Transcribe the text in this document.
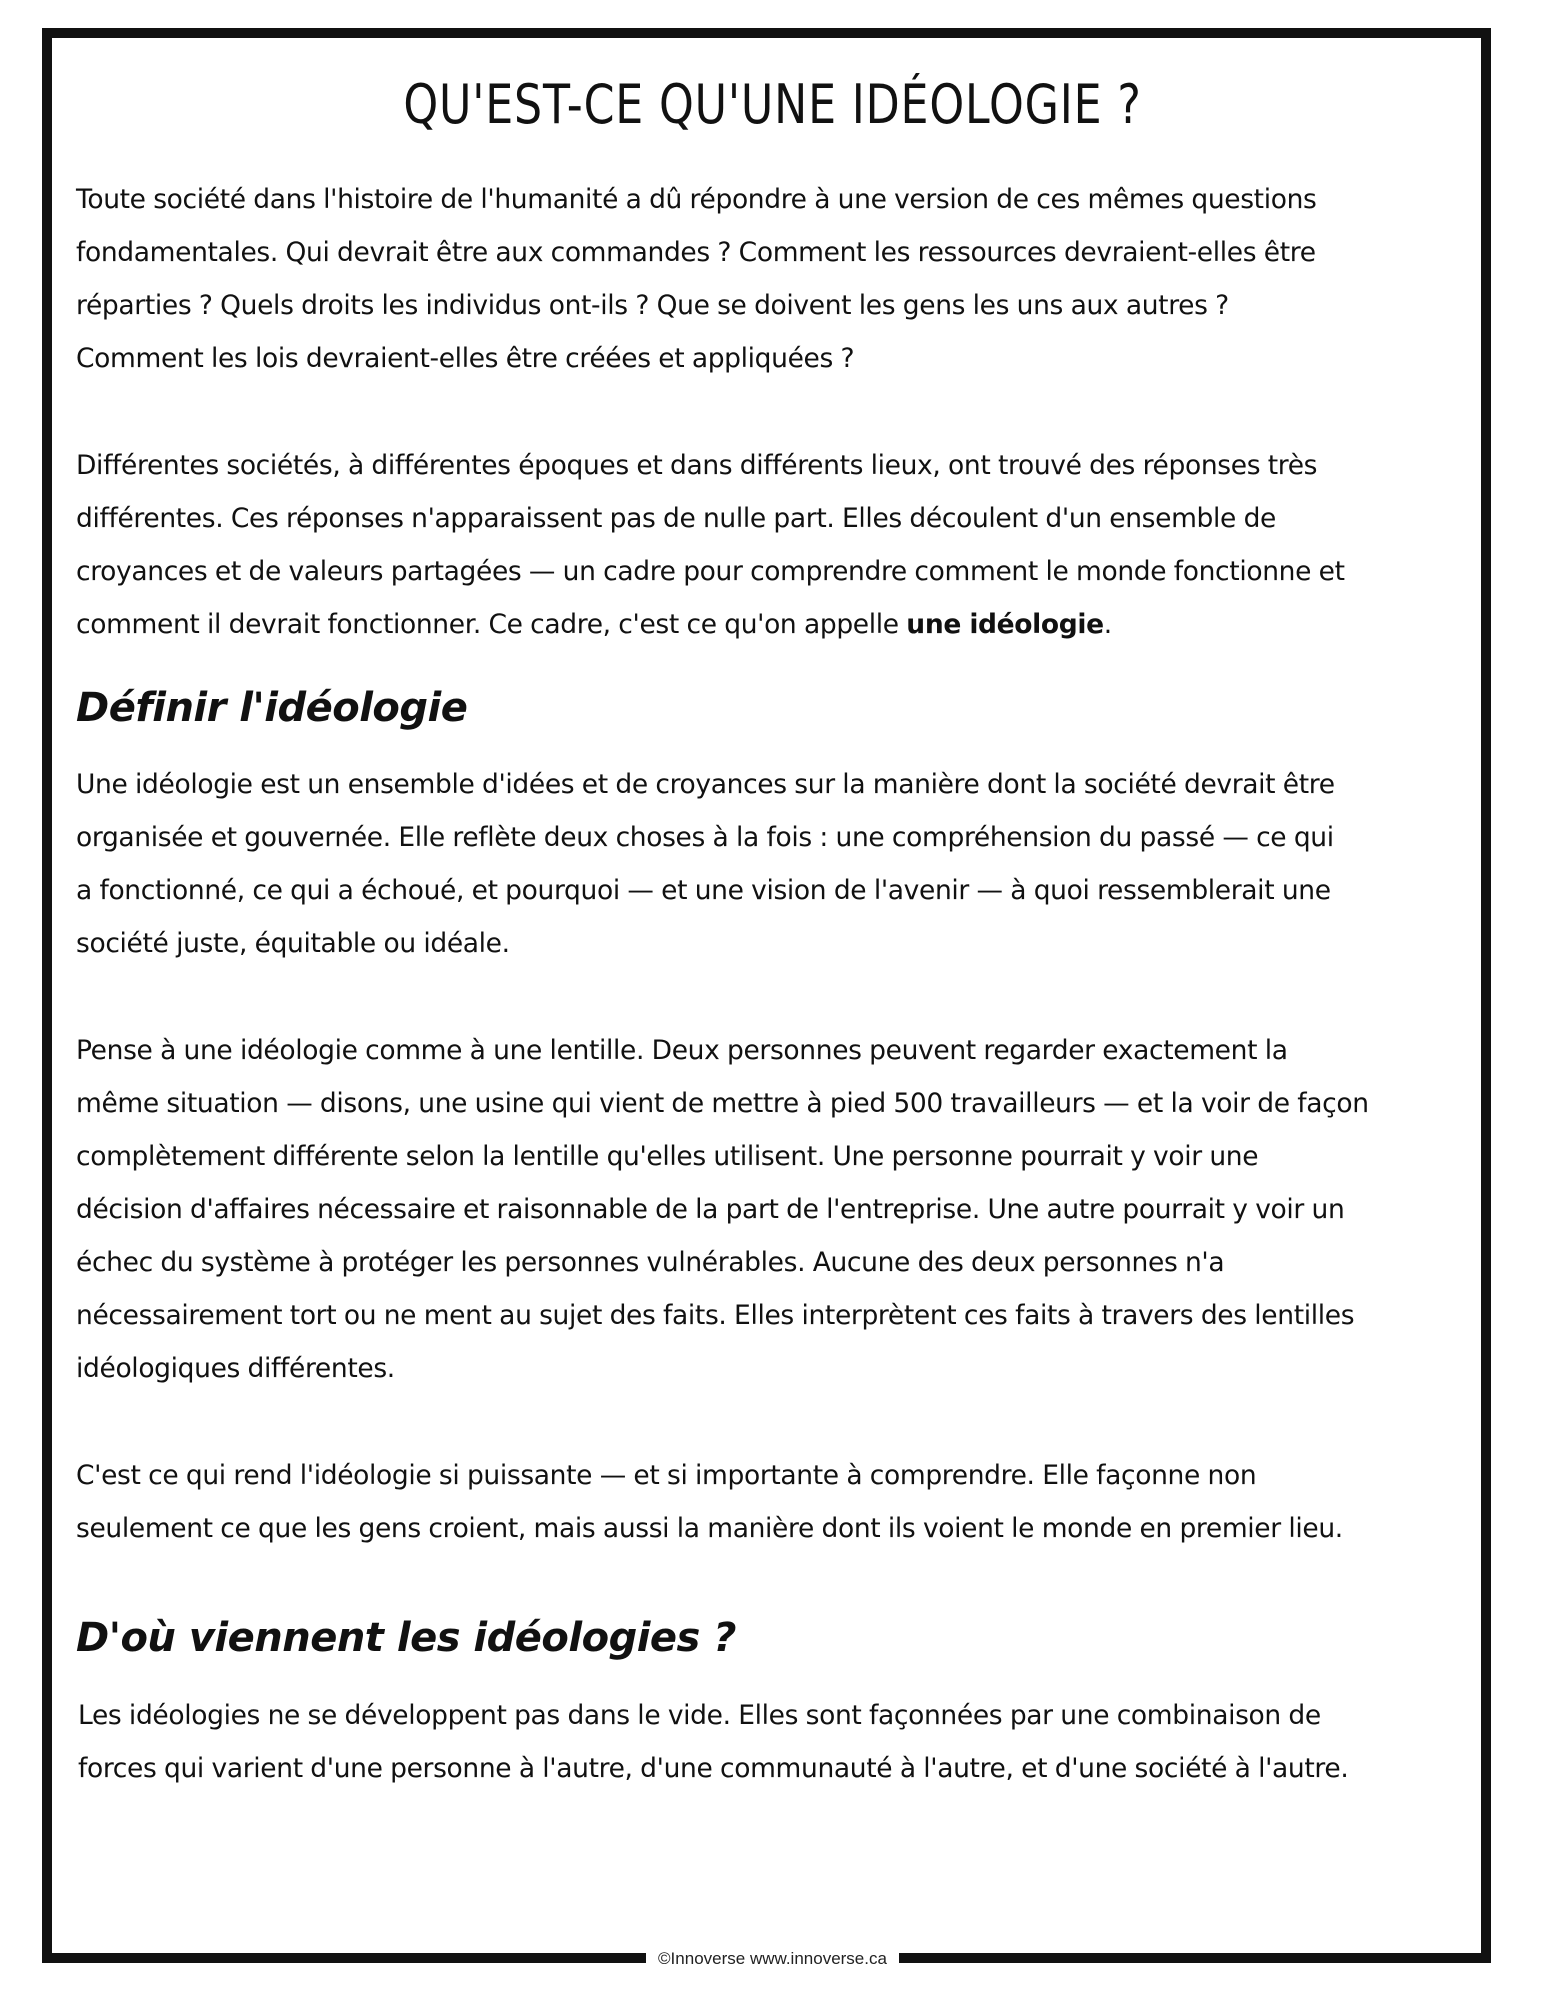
QU'EST-CE QU'UNE IDÉOLOGIE ?

Toute société dans l'histoire de l'humanité a dû répondre à une version de ces mêmes questions
fondamentales. Qui devrait être aux commandes ? Comment les ressources devraient-elles être
réparties ? Quels droits les individus ont-ils ? Que se doivent les gens les uns aux autres ?
Comment les lois devraient-elles être créées et appliquées ?

Différentes sociétés, à différentes époques et dans différents lieux, ont trouvé des réponses très
différentes. Ces réponses n'apparaissent pas de nulle part. Elles découlent d'un ensemble de
croyances et de valeurs partagées — un cadre pour comprendre comment le monde fonctionne et
comment il devrait fonctionner. Ce cadre, c'est ce qu'on appelle une idéologie.

Définir l'idéologie

Une idéologie est un ensemble d'idées et de croyances sur la manière dont la société devrait être
organisée et gouvernée. Elle reflète deux choses à la fois : une compréhension du passé — ce qui
a fonctionné, ce qui a échoué, et pourquoi — et une vision de l'avenir — à quoi ressemblerait une
société juste, équitable ou idéale.

Pense à une idéologie comme à une lentille. Deux personnes peuvent regarder exactement la
même situation — disons, une usine qui vient de mettre à pied 500 travailleurs — et la voir de façon
complètement différente selon la lentille qu'elles utilisent. Une personne pourrait y voir une
décision d'affaires nécessaire et raisonnable de la part de l'entreprise. Une autre pourrait y voir un
échec du système à protéger les personnes vulnérables. Aucune des deux personnes n'a
nécessairement tort ou ne ment au sujet des faits. Elles interprètent ces faits à travers des lentilles
idéologiques différentes.

C'est ce qui rend l'idéologie si puissante — et si importante à comprendre. Elle façonne non
seulement ce que les gens croient, mais aussi la manière dont ils voient le monde en premier lieu.

D'où viennent les idéologies ?

Les idéologies ne se développent pas dans le vide. Elles sont façonnées par une combinaison de
forces qui varient d'une personne à l'autre, d'une communauté à l'autre, et d'une société à l'autre.

©Innoverse www.innoverse.ca
